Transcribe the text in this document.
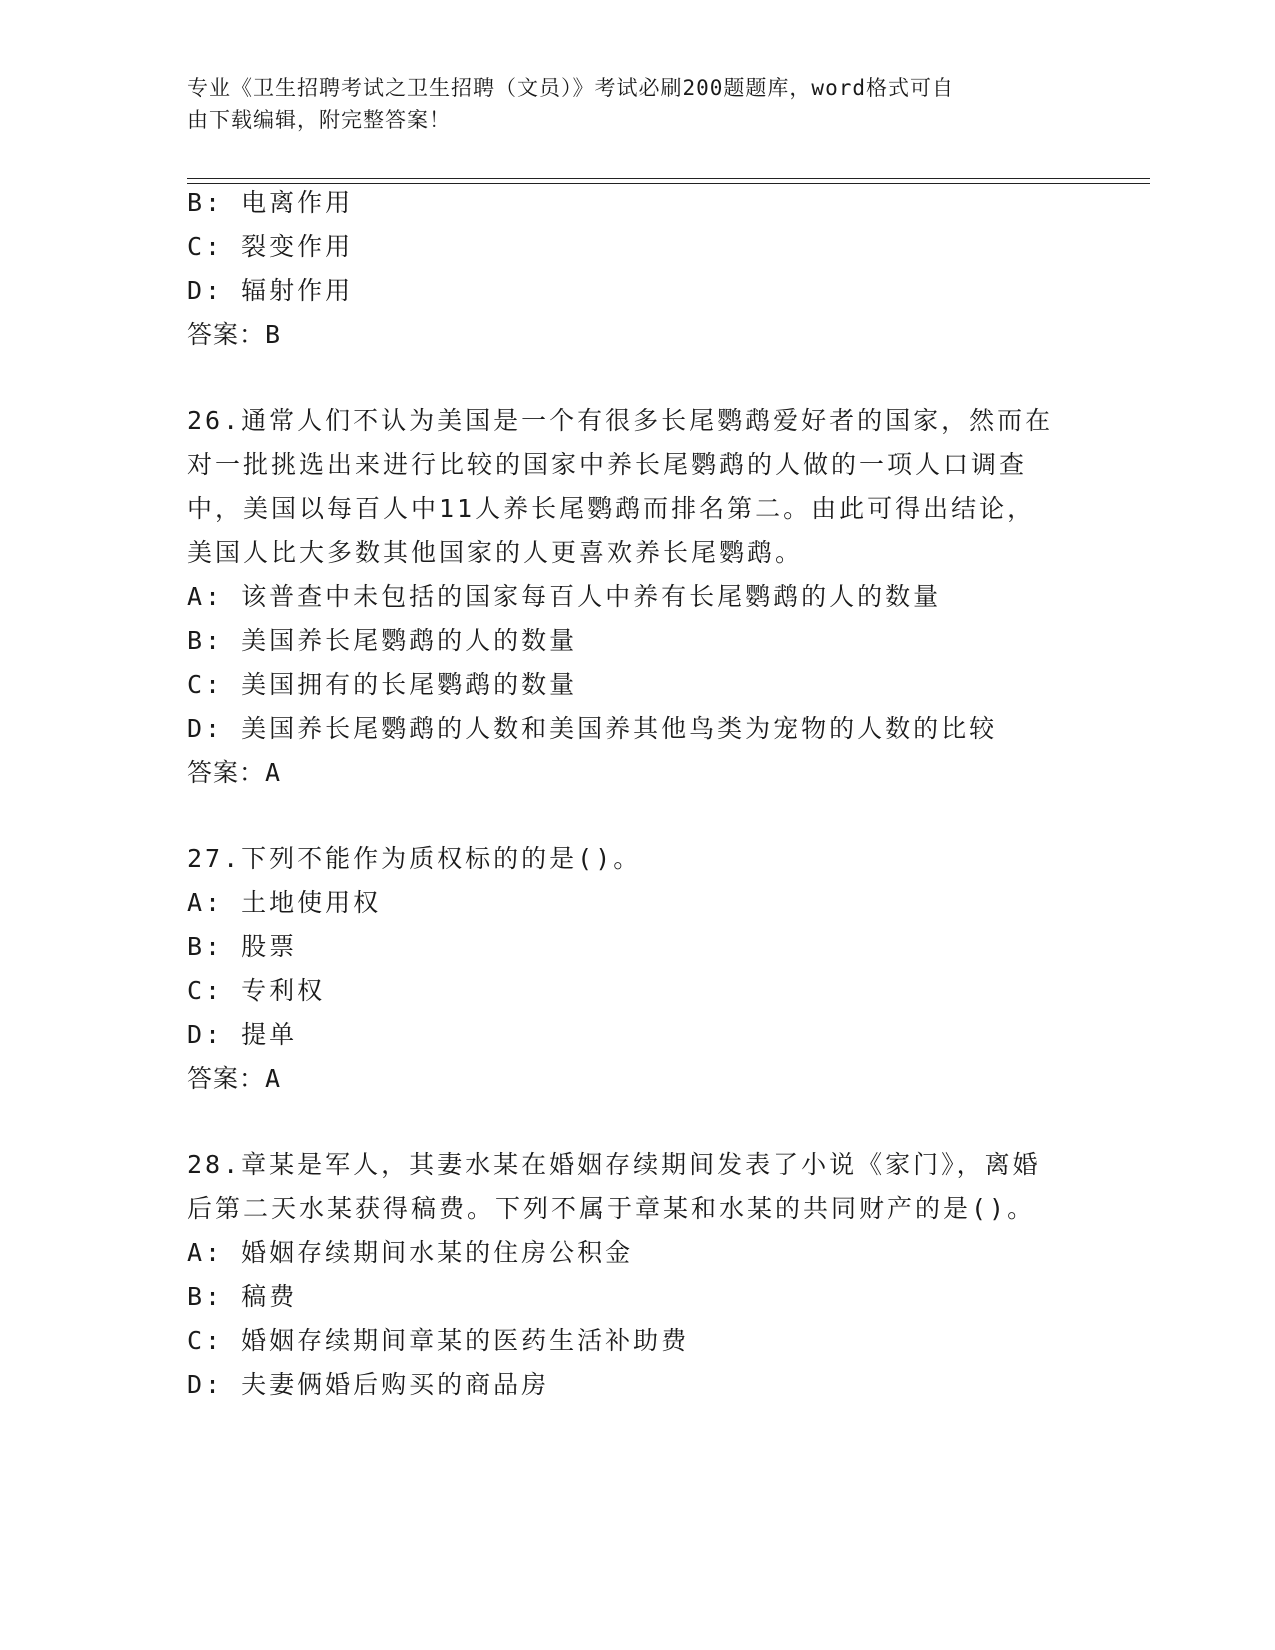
专业《卫生招聘考试之卫生招聘（文员）》考试必刷200题题库，word格式可自
由下载编辑，附完整答案！
B: 电离作用
C: 裂变作用
D: 辐射作用
答案：B
26.通常人们不认为美国是一个有很多长尾鹦鹉爱好者的国家，然而在
对一批挑选出来进行比较的国家中养长尾鹦鹉的人做的一项人口调查
中，美国以每百人中11人养长尾鹦鹉而排名第二。由此可得出结论，
美国人比大多数其他国家的人更喜欢养长尾鹦鹉。
A: 该普查中未包括的国家每百人中养有长尾鹦鹉的人的数量
B: 美国养长尾鹦鹉的人的数量
C: 美国拥有的长尾鹦鹉的数量
D: 美国养长尾鹦鹉的人数和美国养其他鸟类为宠物的人数的比较
答案：A
27.下列不能作为质权标的的是()。
A: 土地使用权
B: 股票
C: 专利权
D: 提单
答案：A
28.章某是军人，其妻水某在婚姻存续期间发表了小说《家门》，离婚
后第二天水某获得稿费。下列不属于章某和水某的共同财产的是()。
A: 婚姻存续期间水某的住房公积金
B: 稿费
C: 婚姻存续期间章某的医药生活补助费
D: 夫妻俩婚后购买的商品房
